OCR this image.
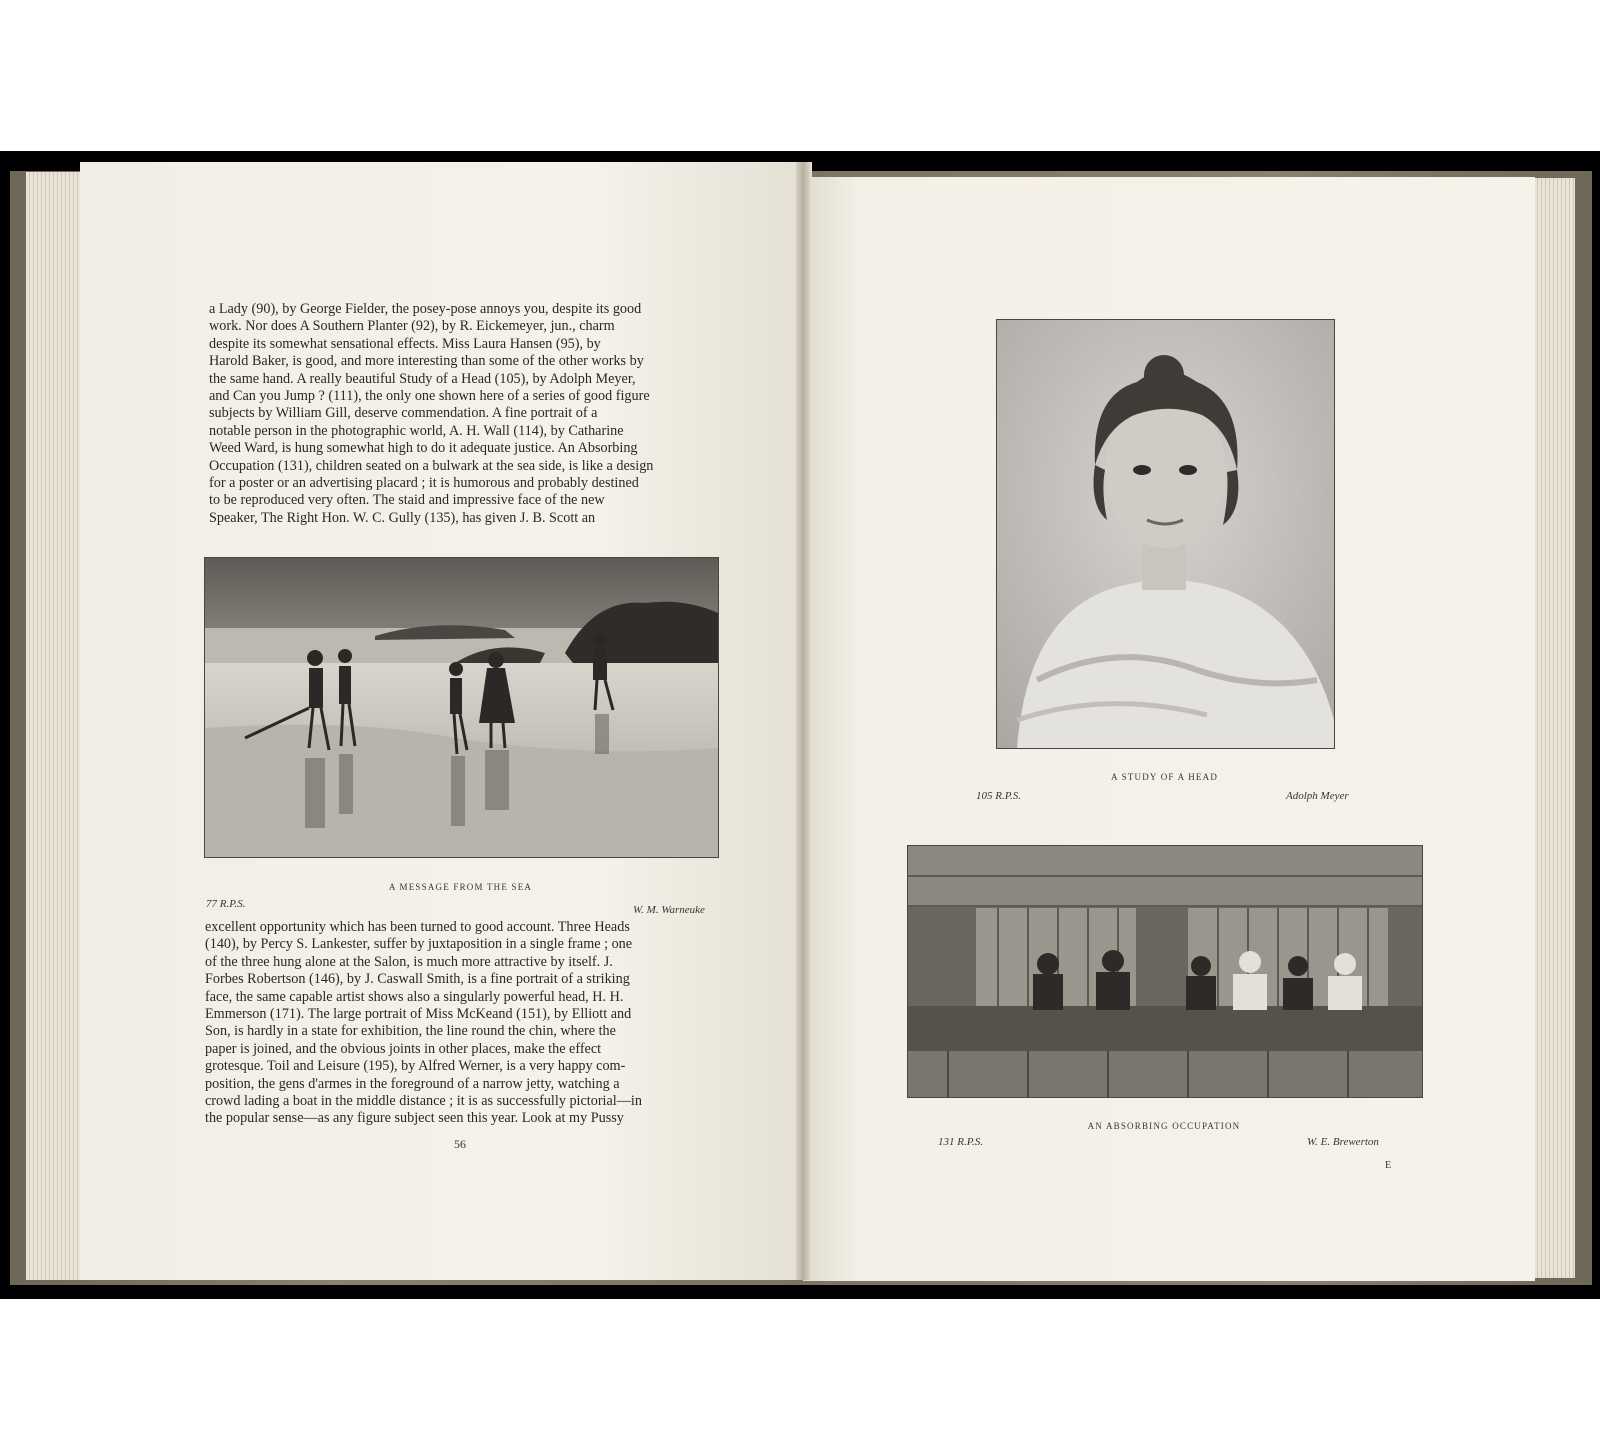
a Lady (90), by George Fielder, the posey-pose annoys you, despite its good
work. Nor does A Southern Planter (92), by R. Eickemeyer, jun., charm
despite its somewhat sensational effects. Miss Laura Hansen (95), by
Harold Baker, is good, and more interesting than some of the other works by
the same hand. A really beautiful Study of a Head (105), by Adolph Meyer,
and Can you Jump ? (111), the only one shown here of a series of good figure
subjects by William Gill, deserve commendation. A fine portrait of a
notable person in the photographic world, A. H. Wall (114), by Catharine
Weed Ward, is hung somewhat high to do it adequate justice. An Absorbing
Occupation (131), children seated on a bulwark at the sea side, is like a design
for a poster or an advertising placard ; it is humorous and probably destined
to be reproduced very often. The staid and impressive face of the new
Speaker, The Right Hon. W. C. Gully (135), has given J. B. Scott an
A MESSAGE FROM THE SEA
77 R.P.S.	W. M. Warneuke
excellent opportunity which has been turned to good account. Three Heads
(140), by Percy S. Lankester, suffer by juxtaposition in a single frame ; one
of the three hung alone at the Salon, is much more attractive by itself. J.
Forbes Robertson (146), by J. Caswall Smith, is a fine portrait of a striking
face, the same capable artist shows also a singularly powerful head, H. H.
Emmerson (171). The large portrait of Miss McKeand (151), by Elliott and
Son, is hardly in a state for exhibition, the line round the chin, where the
paper is joined, and the obvious joints in other places, make the effect
grotesque. Toil and Leisure (195), by Alfred Werner, is a very happy com-
position, the gens d'armes in the foreground of a narrow jetty, watching a
crowd lading a boat in the middle distance ; it is as successfully pictorial—in
the popular sense—as any figure subject seen this year. Look at my Pussy
56
A STUDY OF A HEAD
105 R.P.S.	Adolph Meyer
AN ABSORBING OCCUPATION
131 R.P.S.	W. E. Brewerton
E
